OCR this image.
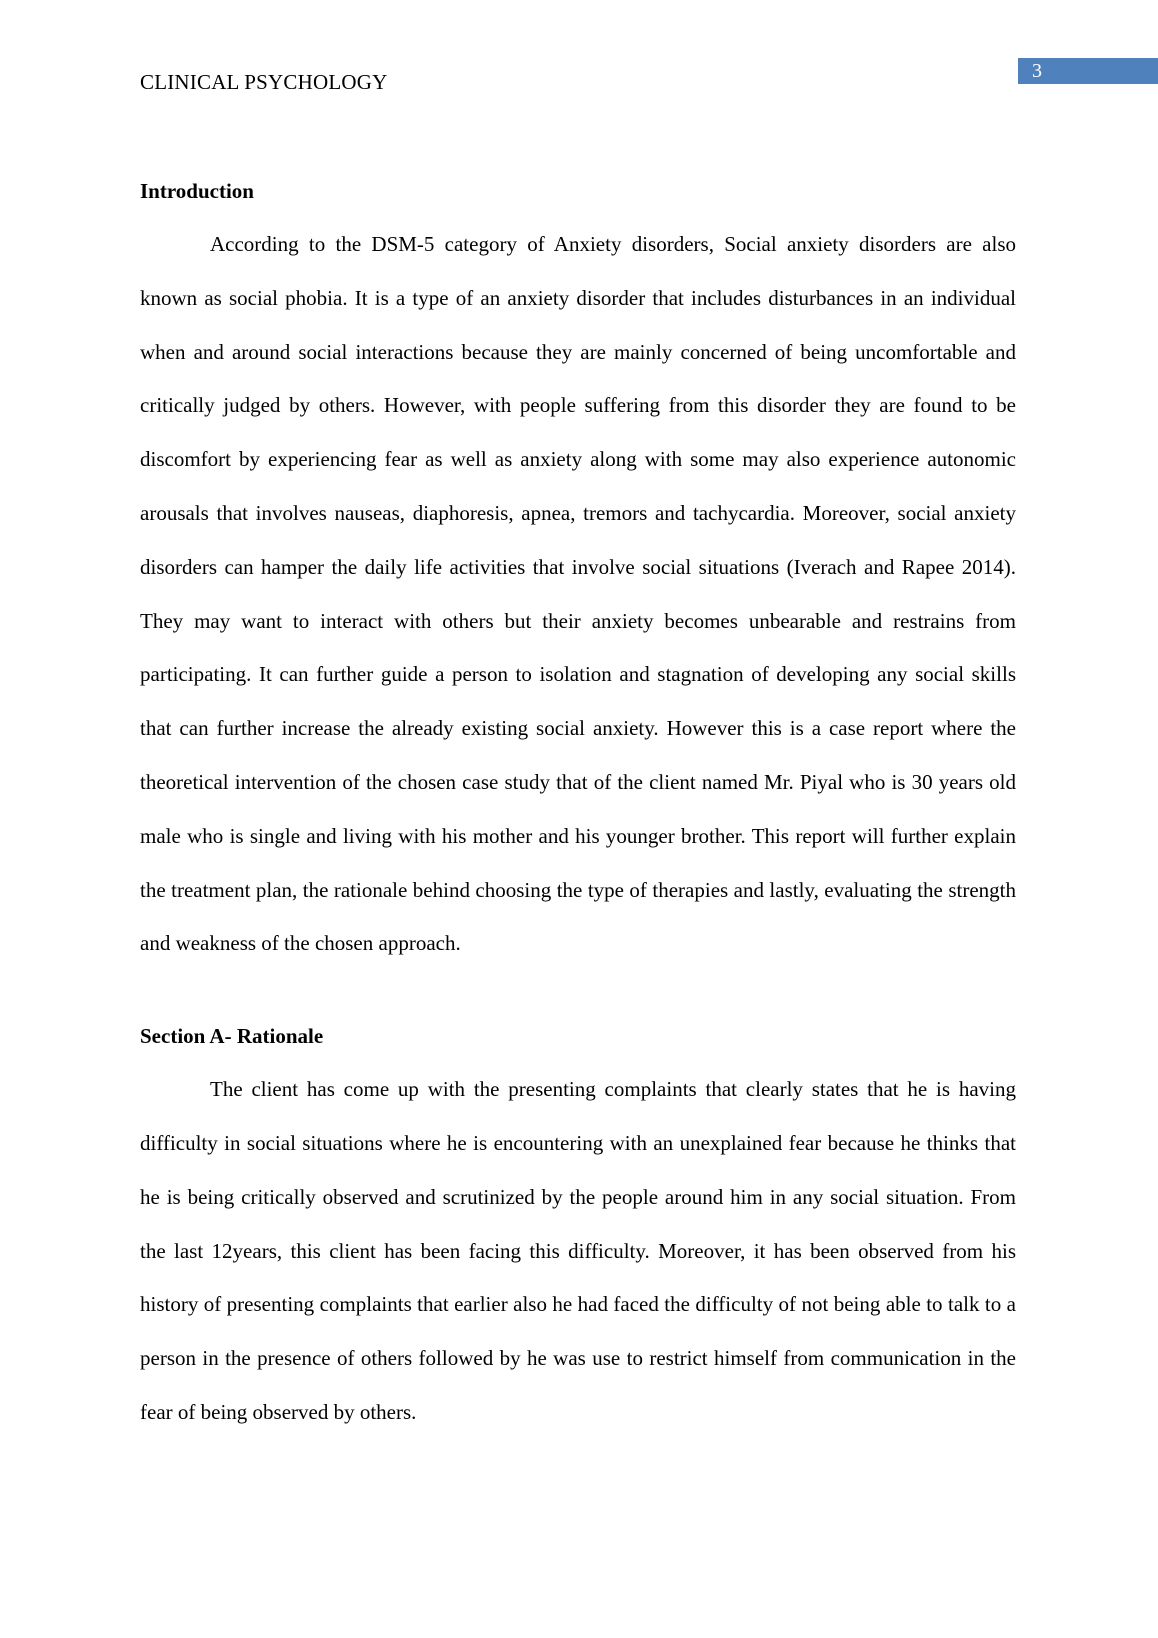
CLINICAL PSYCHOLOGY	3
Introduction

According to the DSM-5 category of Anxiety disorders, Social anxiety disorders are also known as social phobia. It is a type of an anxiety disorder that includes disturbances in an individual when and around social interactions because they are mainly concerned of being uncomfortable and critically judged by others. However, with people suffering from this disorder they are found to be discomfort by experiencing fear as well as anxiety along with some may also experience autonomic arousals that involves nauseas, diaphoresis, apnea, tremors and tachycardia. Moreover, social anxiety disorders can hamper the daily life activities that involve social situations (Iverach and Rapee 2014). They may want to interact with others but their anxiety becomes unbearable and restrains from participating. It can further guide a person to isolation and stagnation of developing any social skills that can further increase the already existing social anxiety. However this is a case report where the theoretical intervention of the chosen case study that of the client named Mr. Piyal who is 30 years old male who is single and living with his mother and his younger brother. This report will further explain the treatment plan, the rationale behind choosing the type of therapies and lastly, evaluating the strength and weakness of the chosen approach.

Section A- Rationale

The client has come up with the presenting complaints that clearly states that he is having difficulty in social situations where he is encountering with an unexplained fear because he thinks that he is being critically observed and scrutinized by the people around him in any social situation. From the last 12years, this client has been facing this difficulty. Moreover, it has been observed from his history of presenting complaints that earlier also he had faced the difficulty of not being able to talk to a person in the presence of others followed by he was use to restrict himself from communication in the fear of being observed by others.
